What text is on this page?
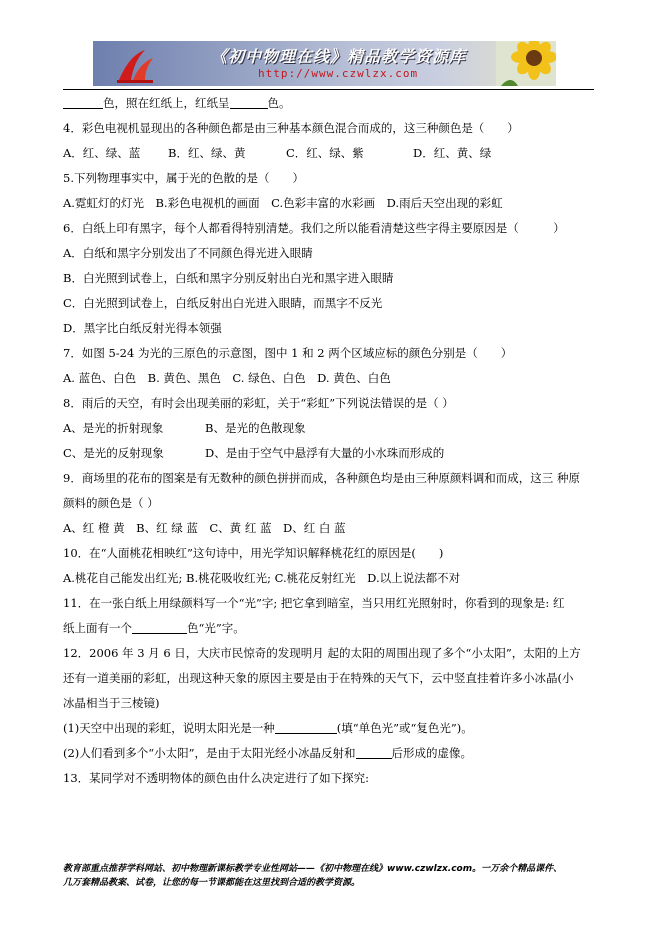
《初中物理在线》精品教学资源库
http://www.czwlzx.com
色，照在红纸上，红纸呈	色。
4．彩色电视机显现出的各种颜色都是由三种基本颜色混合而成的，这三种颜色是（　　）
A．红、绿、蓝 B．红、绿、黄	C．红、绿、紫	D．红、黄、绿
5.下列物理事实中，属于光的色散的是（　　）
A.霓虹灯的灯光　B.彩色电视机的画面　C.色彩丰富的水彩画　D.雨后天空出现的彩虹
6．白纸上印有黑字，每个人都看得特别清楚。我们之所以能看清楚这些字得主要原因是（　　　）
A．白纸和黑字分别发出了不同颜色得光进入眼睛
B．白光照到试卷上，白纸和黑字分别反射出白光和黑字进入眼睛
C．白光照到试卷上，白纸反射出白光进入眼睛，而黑字不反光
D．黑字比白纸反射光得本领强
7．如图 5-24 为光的三原色的示意图，图中 1 和 2 两个区域应标的颜色分别是（　　）
A. 蓝色、白色　B. 黄色、黑色　C. 绿色、白色　D. 黄色、白色
8．雨后的天空，有时会出现美丽的彩虹，关于“彩虹”下列说法错误的是（ ）
A、是光的折射现象	B、是光的色散现象
C、是光的反射现象	D、是由于空气中悬浮有大量的小水珠而形成的
9．商场里的花布的图案是有无数种的颜色拼拼而成，各种颜色均是由三种原颜料调和而成，这三 种原
颜料的颜色是（ ）
A、红 橙 黄　B、红 绿 蓝　C、黄 红 蓝　D、红 白 蓝
10．在“人面桃花相映红”这句诗中，用光学知识解释桃花红的原因是(　　)
A.桃花自己能发出红光; B.桃花吸收红光; C.桃花反射红光　D.以上说法都不对
11．在一张白纸上用绿颜料写一个“光”字; 把它拿到暗室，当只用红光照射时，你看到的现象是: 红
纸上面有一个	色“光”字。
12．2006 年 3 月 6 日，大庆市民惊奇的发现明月 起的太阳的周围出现了多个“小太阳”，太阳的上方
还有一道美丽的彩虹，出现这种天象的原因主要是由于在特殊的天气下，云中竖直挂着许多小冰晶(小
冰晶相当于三棱镜)
(1)天空中出现的彩虹，说明太阳光是一种	(填“单色光”或“复色光”)。
(2)人们看到多个“小太阳”，是由于太阳光经小冰晶反射和	后形成的虚像。
13．某同学对不透明物体的颜色由什么决定进行了如下探究:
教育部重点推荐学科网站、初中物理新课标教学专业性网站——《初中物理在线》www.czwlzx.com。一万余个精品课件、
几万套精品教案、试卷，让您的每一节课都能在这里找到合适的教学资源。
